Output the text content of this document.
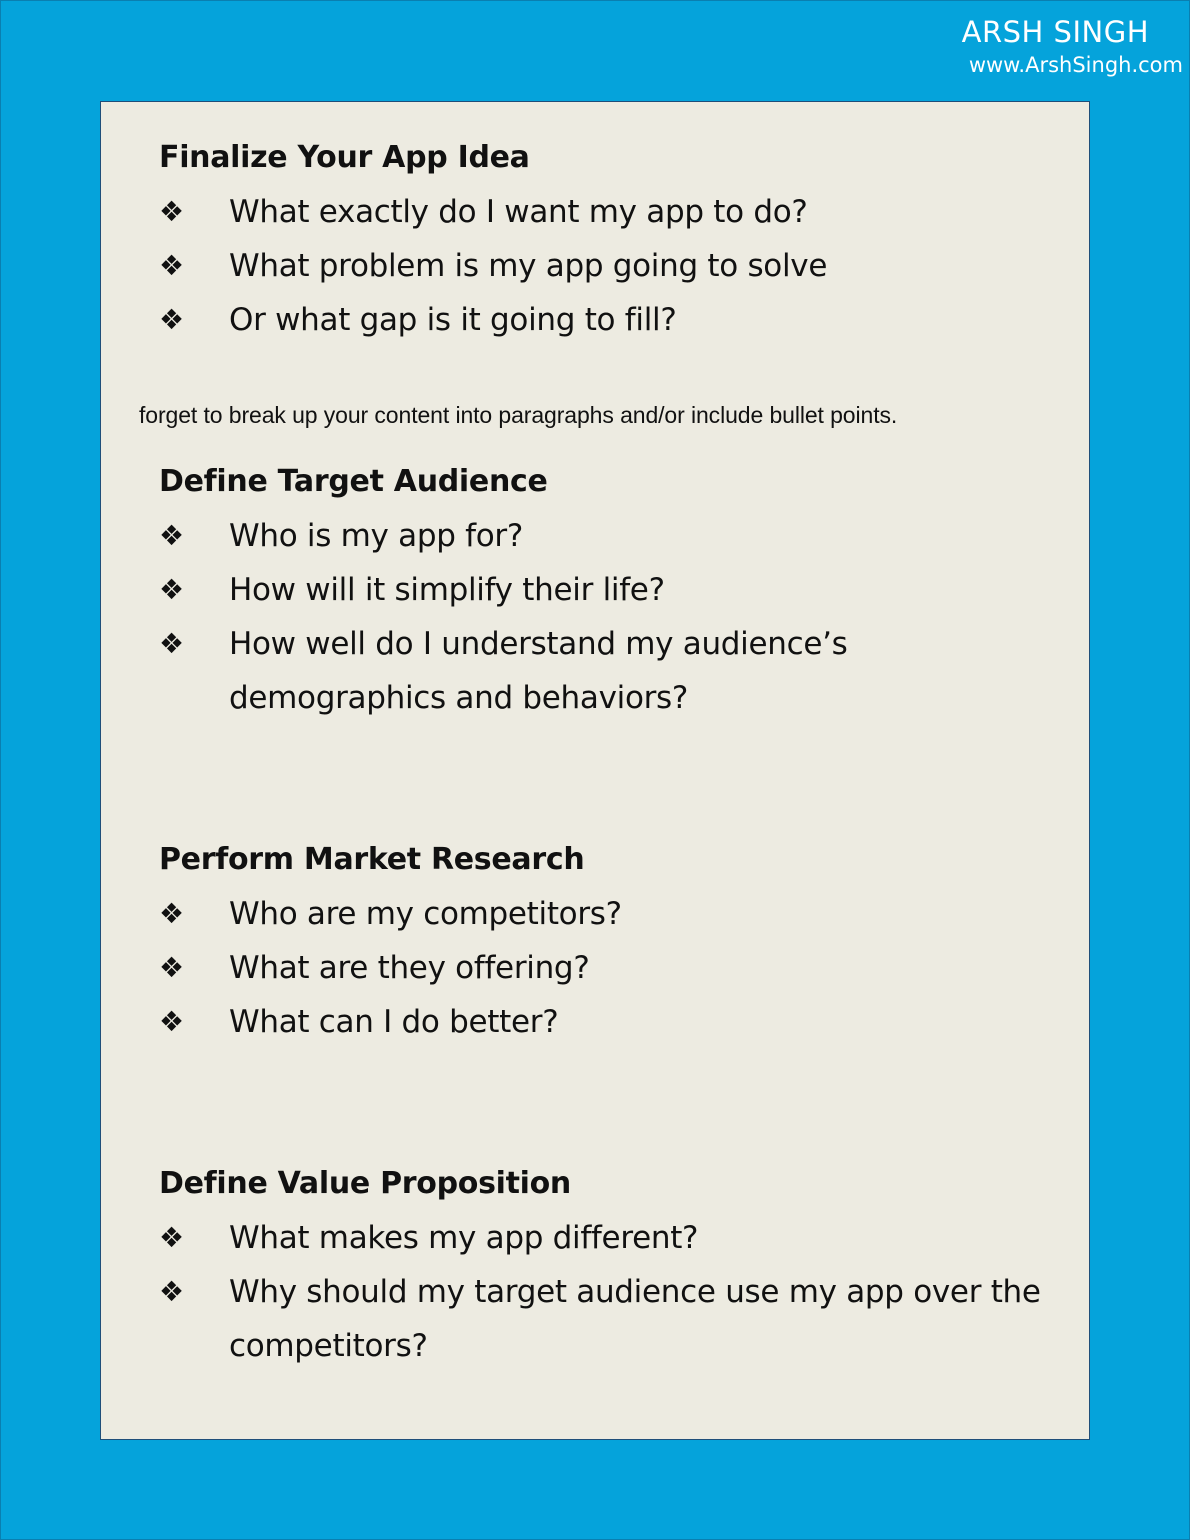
ARSH SINGH
www.ArshSingh.com
Finalize Your App Idea
❖	What exactly do I want my app to do?
❖	What problem is my app going to solve
❖	Or what gap is it going to fill?
forget to break up your content into paragraphs and/or include bullet points.
Define Target Audience
❖	Who is my app for?
❖	How will it simplify their life?
❖	How well do I understand my audience’s demographics and behaviors?
Perform Market Research
❖	Who are my competitors?
❖	What are they offering?
❖	What can I do better?
Define Value Proposition
❖	What makes my app different?
❖	Why should my target audience use my app over the competitors?
